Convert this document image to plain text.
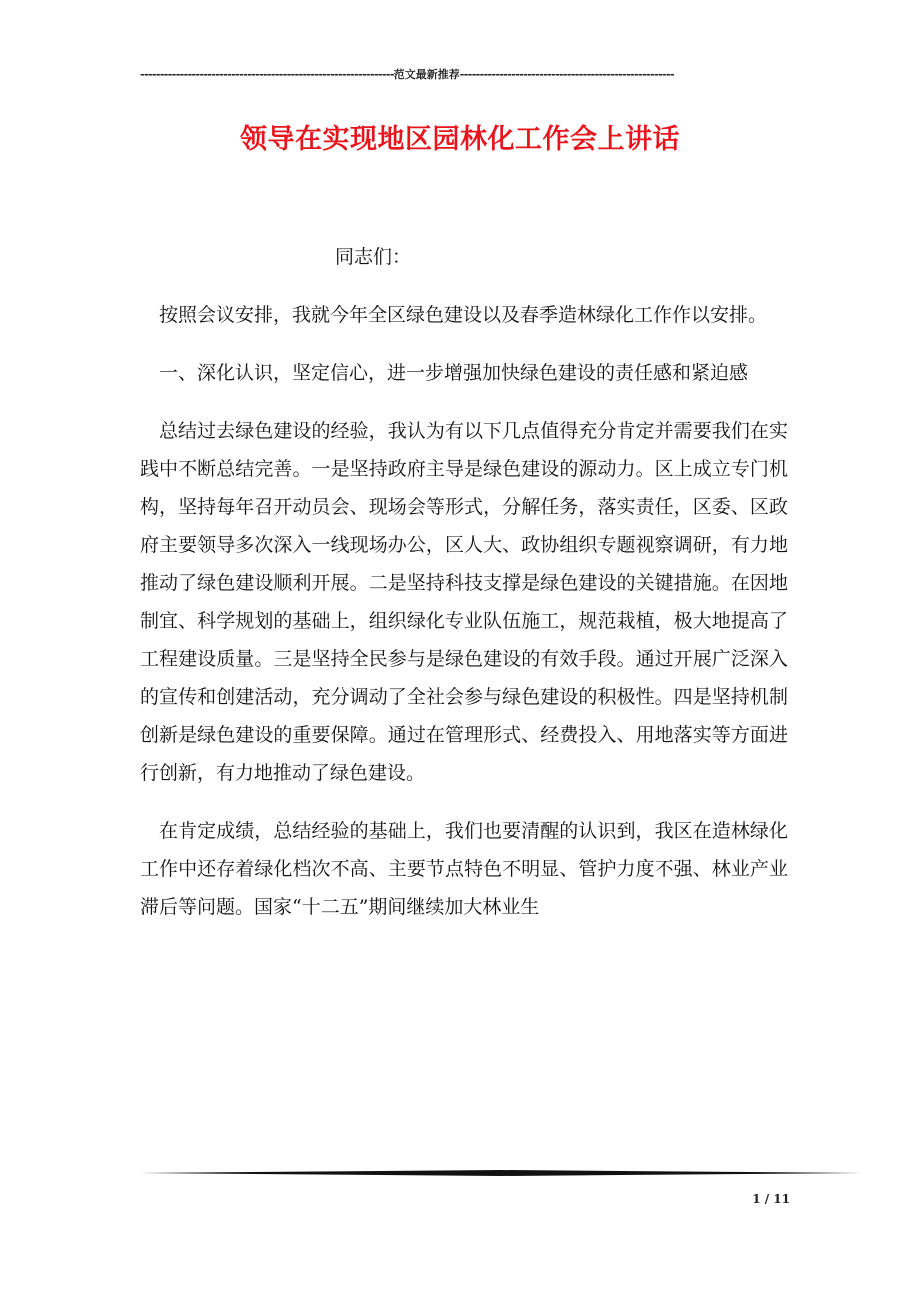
----------------------------------------------------------------范文最新推荐------------------------------------------------------
领导在实现地区园林化工作会上讲话

同志们：

按照会议安排，我就今年全区绿色建设以及春季造林绿化工作作以安排。

一、深化认识，坚定信心，进一步增强加快绿色建设的责任感和紧迫感

总结过去绿色建设的经验，我认为有以下几点值得充分肯定并需要我们在实践中不断总结完善。一是坚持政府主导是绿色建设的源动力。区上成立专门机构，坚持每年召开动员会、现场会等形式，分解任务，落实责任，区委、区政府主要领导多次深入一线现场办公，区人大、政协组织专题视察调研，有力地推动了绿色建设顺利开展。二是坚持科技支撑是绿色建设的关键措施。在因地制宜、科学规划的基础上，组织绿化专业队伍施工，规范栽植，极大地提高了工程建设质量。三是坚持全民参与是绿色建设的有效手段。通过开展广泛深入的宣传和创建活动，充分调动了全社会参与绿色建设的积极性。四是坚持机制创新是绿色建设的重要保障。通过在管理形式、经费投入、用地落实等方面进行创新，有力地推动了绿色建设。

在肯定成绩，总结经验的基础上，我们也要清醒的认识到，我区在造林绿化工作中还存着绿化档次不高、主要节点特色不明显、管护力度不强、林业产业滞后等问题。国家“十二五”期间继续加大林业生

1 / 11
